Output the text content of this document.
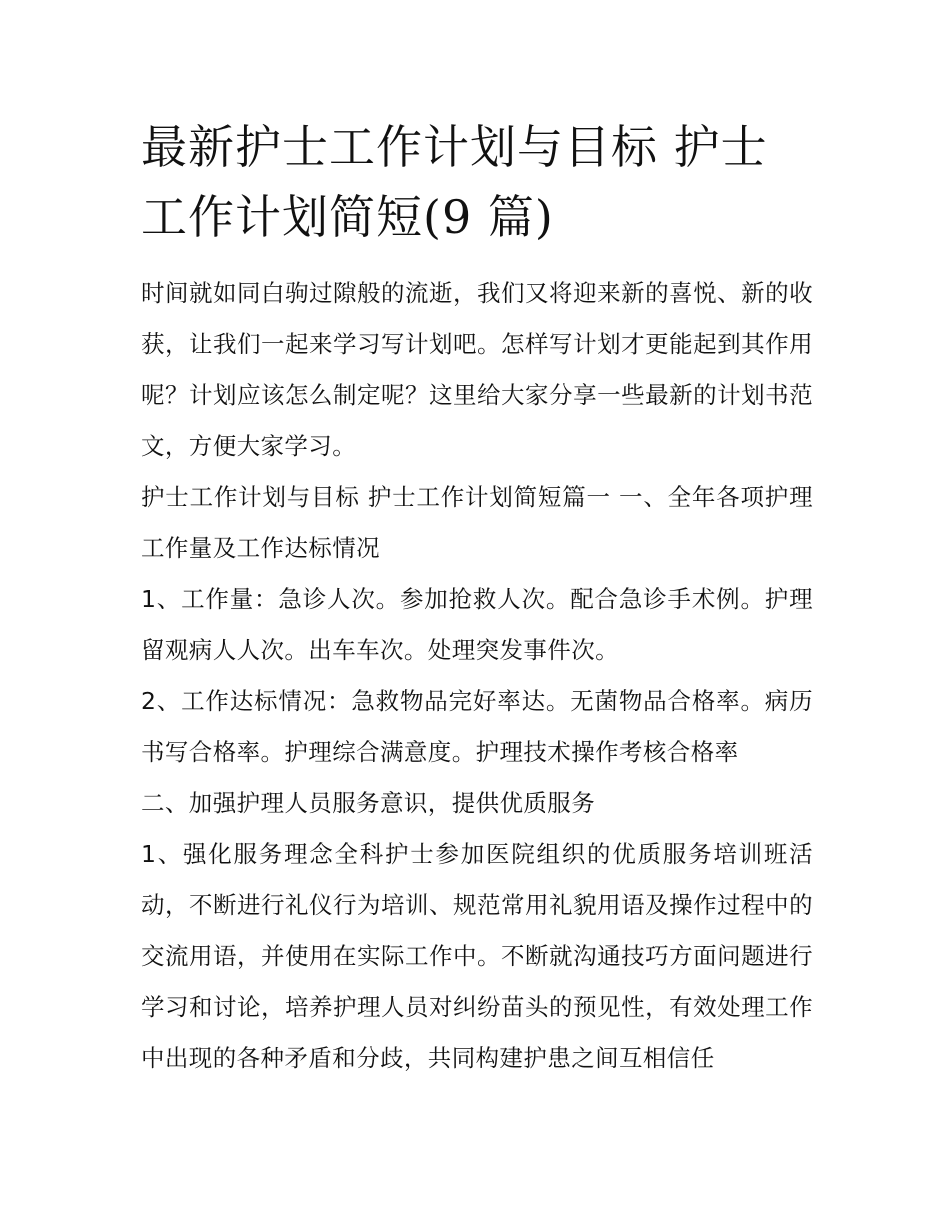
最新护士工作计划与目标 护士
工作计划简短(9 篇)

时间就如同白驹过隙般的流逝，我们又将迎来新的喜悦、新的收获，让我们一起来学习写计划吧。怎样写计划才更能起到其作用呢？计划应该怎么制定呢？这里给大家分享一些最新的计划书范文，方便大家学习。

护士工作计划与目标 护士工作计划简短篇一 一、全年各项护理工作量及工作达标情况

1、工作量：急诊人次。参加抢救人次。配合急诊手术例。护理留观病人人次。出车车次。处理突发事件次。

2、工作达标情况：急救物品完好率达。无菌物品合格率。病历书写合格率。护理综合满意度。护理技术操作考核合格率

二、加强护理人员服务意识，提供优质服务

1、强化服务理念全科护士参加医院组织的优质服务培训班活动，不断进行礼仪行为培训、规范常用礼貌用语及操作过程中的交流用语，并使用在实际工作中。不断就沟通技巧方面问题进行学习和讨论，培养护理人员对纠纷苗头的预见性，有效处理工作中出现的各种矛盾和分歧，共同构建护患之间互相信任
